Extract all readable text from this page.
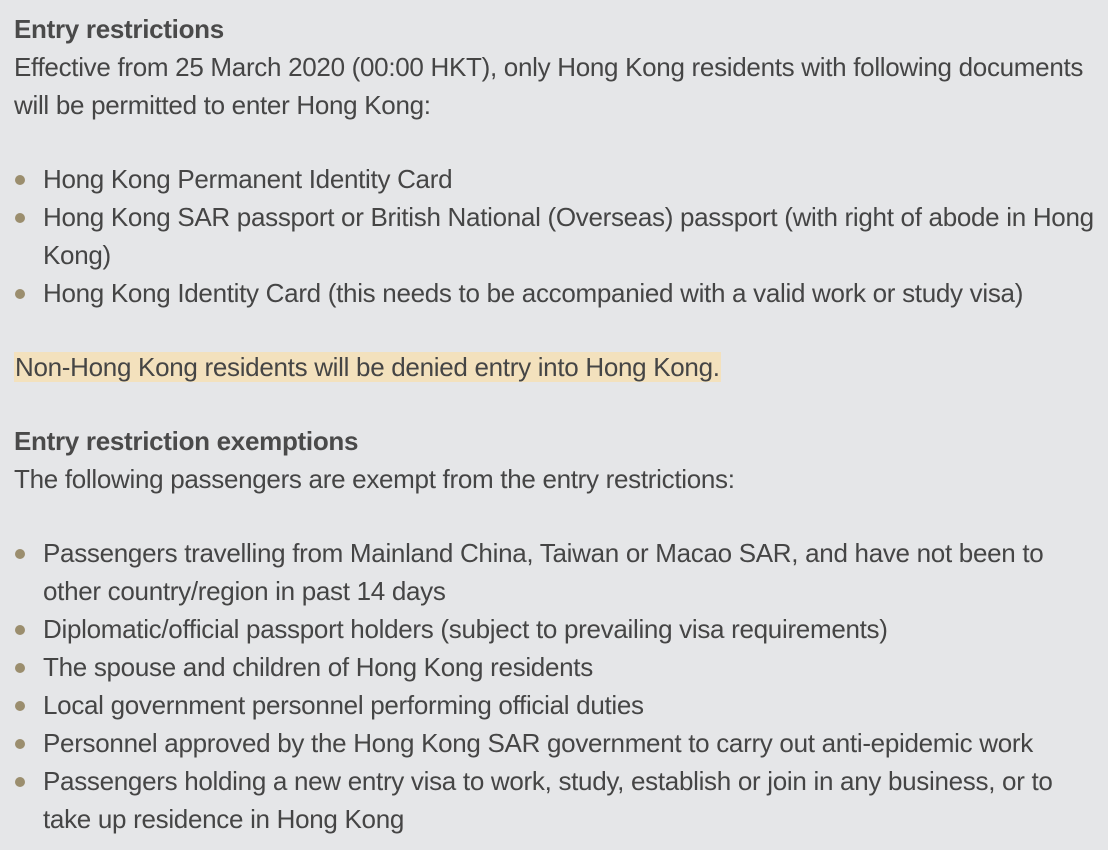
Entry restrictions

Effective from 25 March 2020 (00:00 HKT), only Hong Kong residents with following documents will be permitted to enter Hong Kong:

Hong Kong Permanent Identity Card
Hong Kong SAR passport or British National (Overseas) passport (with right of abode in Hong Kong)
Hong Kong Identity Card (this needs to be accompanied with a valid work or study visa)

Non-Hong Kong residents will be denied entry into Hong Kong.

Entry restriction exemptions

The following passengers are exempt from the entry restrictions:

Passengers travelling from Mainland China, Taiwan or Macao SAR, and have not been to other country/region in past 14 days
Diplomatic/official passport holders (subject to prevailing visa requirements)
The spouse and children of Hong Kong residents
Local government personnel performing official duties
Personnel approved by the Hong Kong SAR government to carry out anti-epidemic work
Passengers holding a new entry visa to work, study, establish or join in any business, or to take up residence in Hong Kong
